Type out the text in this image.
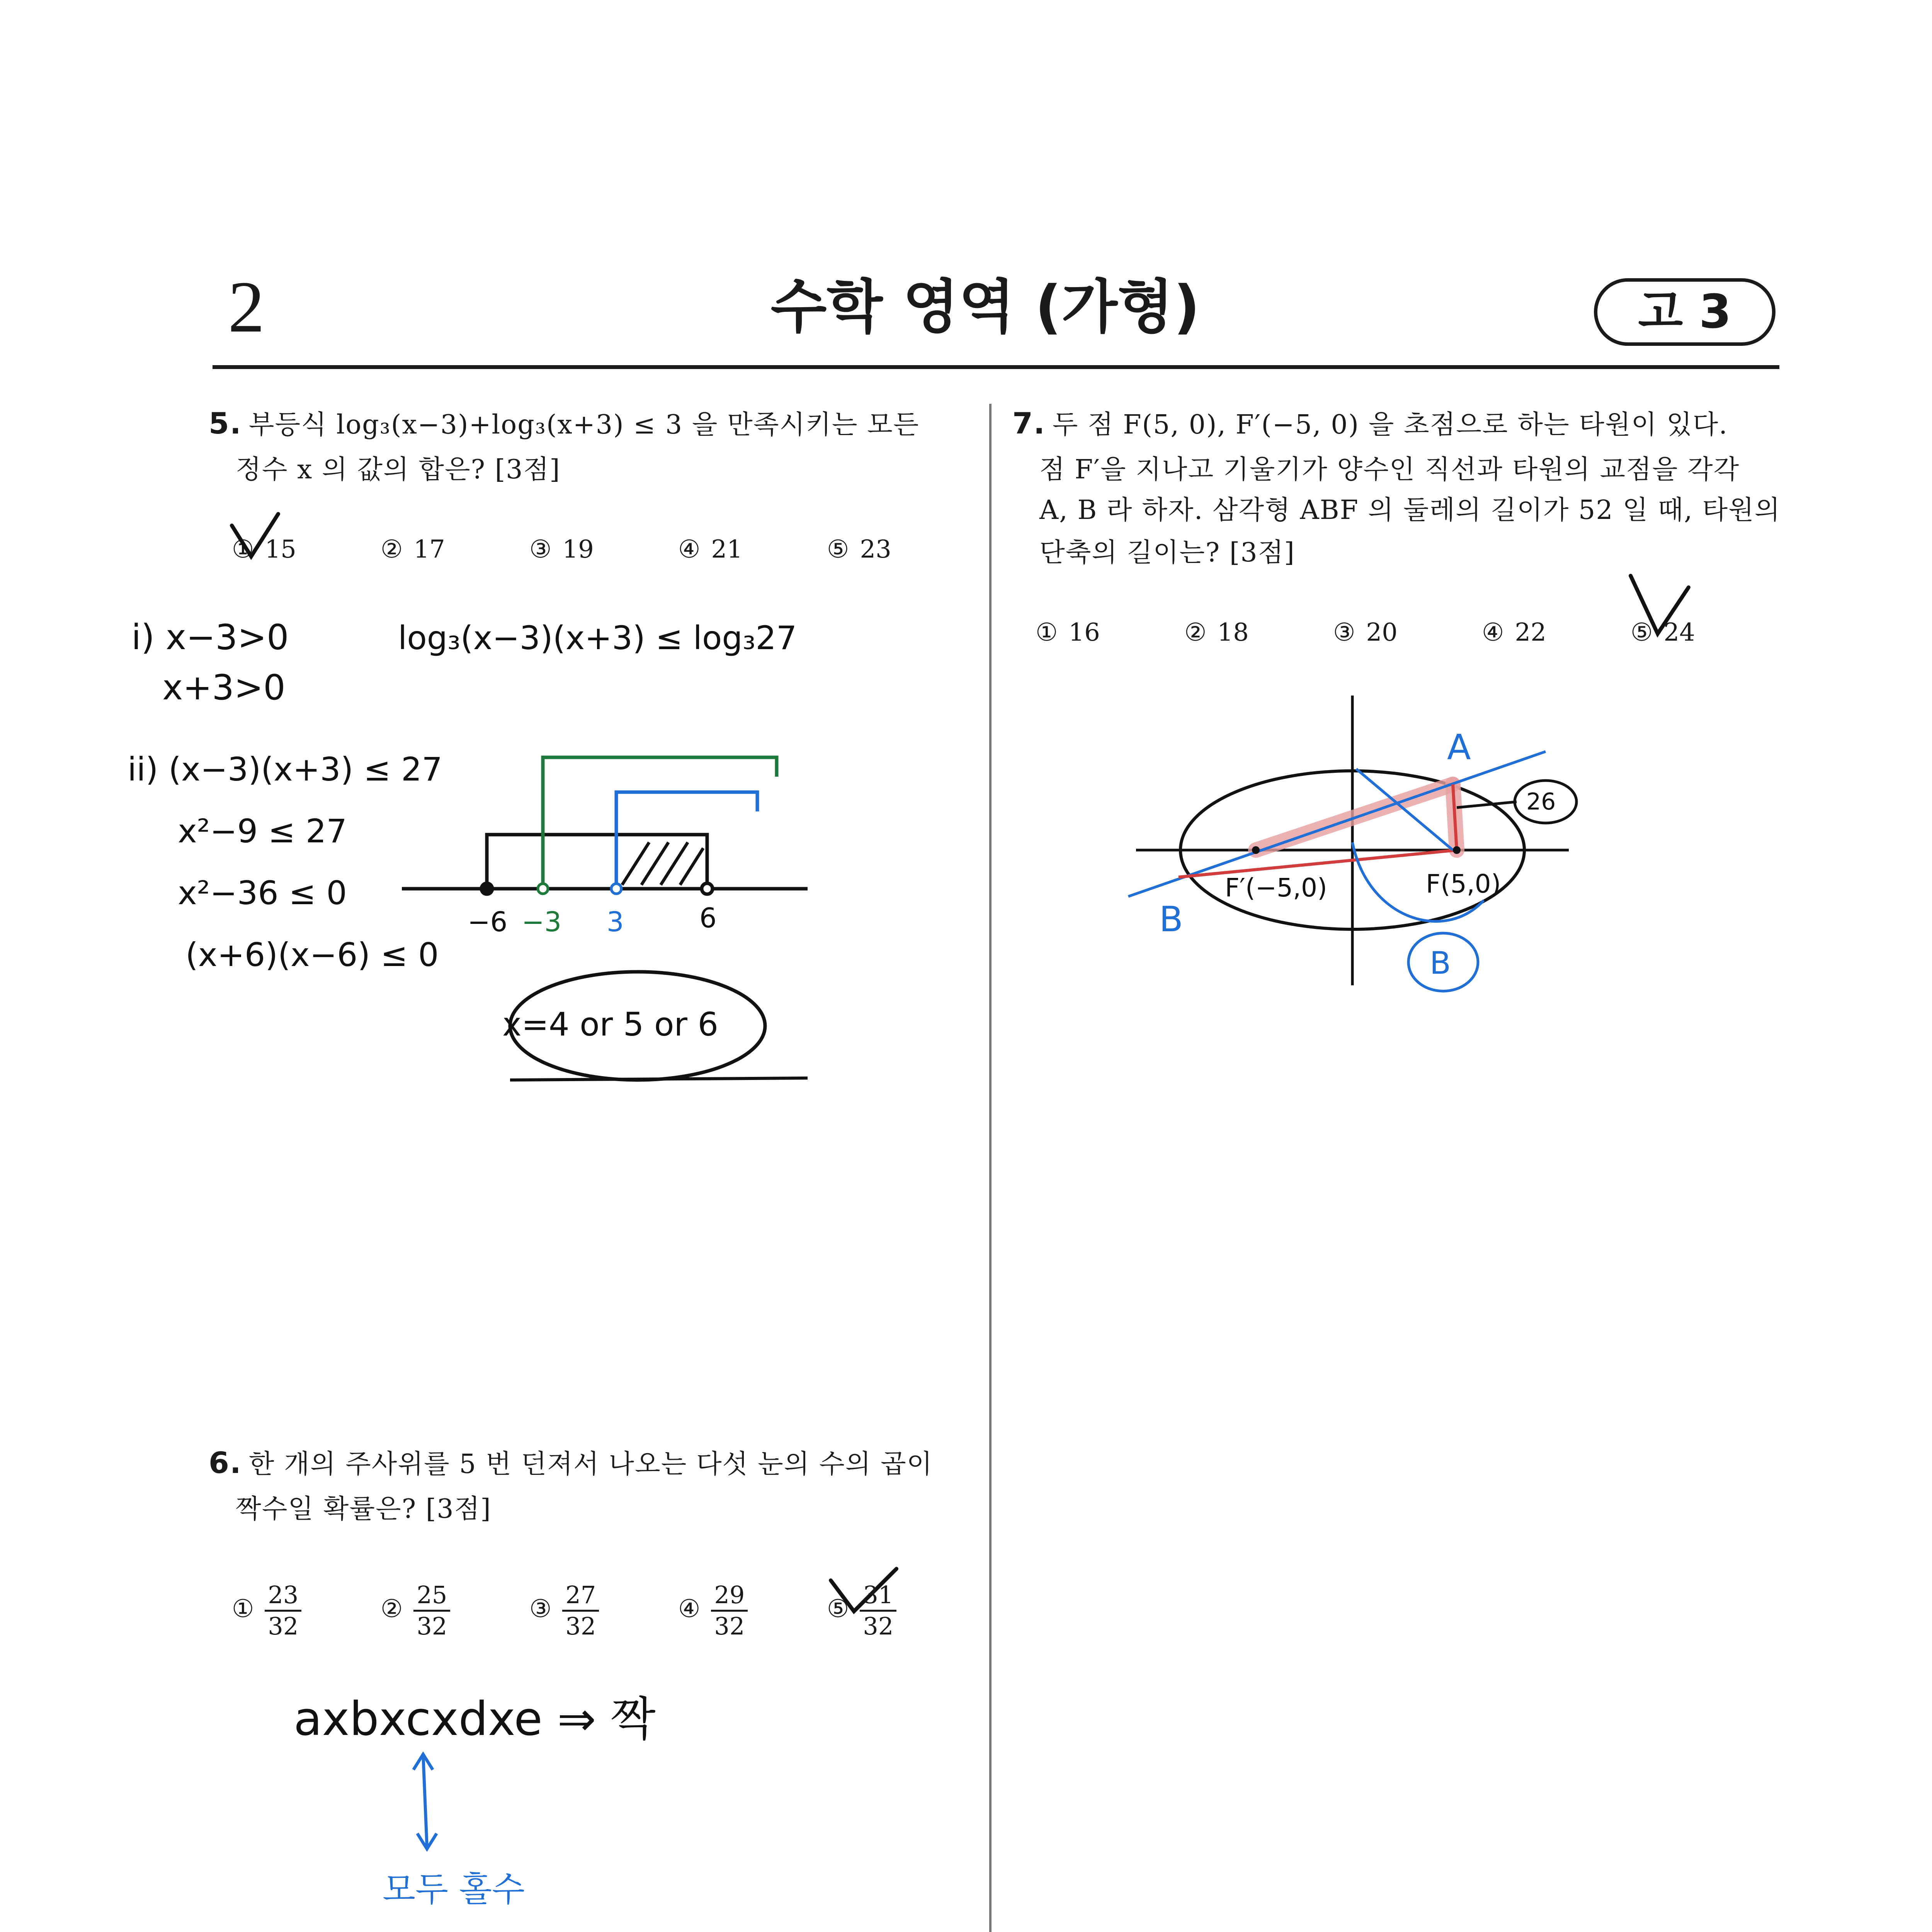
2	수학 영역 (가형)	고 3
5. 부등식 log₃(x−3)+log₃(x+3) ≤ 3 을 만족시키는 모든
정수 x 의 값의 합은? [3점]
① 15	② 17	③ 19	④ 21	⑤ 23
−6 −3 3	6
i) x−3>0
x+3>0
log₃(x−3)(x+3) ≤ log₃27
ii) (x−3)(x+3) ≤ 27
x²−9 ≤ 27
x²−36 ≤ 0
(x+6)(x−6) ≤ 0
x=4 or 5 or 6
axbxcxdxe ⇒ 짝
모두 홀수
A
B
B
26
F(5,0)
F′(−5,0)
6. 한 개의 주사위를 5 번 던져서 나오는 다섯 눈의 수의 곱이
짝수일 확률은? [3점]
① $\frac{23}{32}$	② $\frac{25}{32}$	③ $\frac{27}{32}$	④ $\frac{29}{32}$	⑤ $\frac{31}{32}$
7. 두 점 F(5, 0), F′(−5, 0) 을 초점으로 하는 타원이 있다.
점 F′을 지나고 기울기가 양수인 직선과 타원의 교점을 각각
A, B 라 하자. 삼각형 ABF 의 둘레의 길이가 52 일 때, 타원의
단축의 길이는? [3점]
① 16	② 18	③ 20	④ 22	⑤ 24
